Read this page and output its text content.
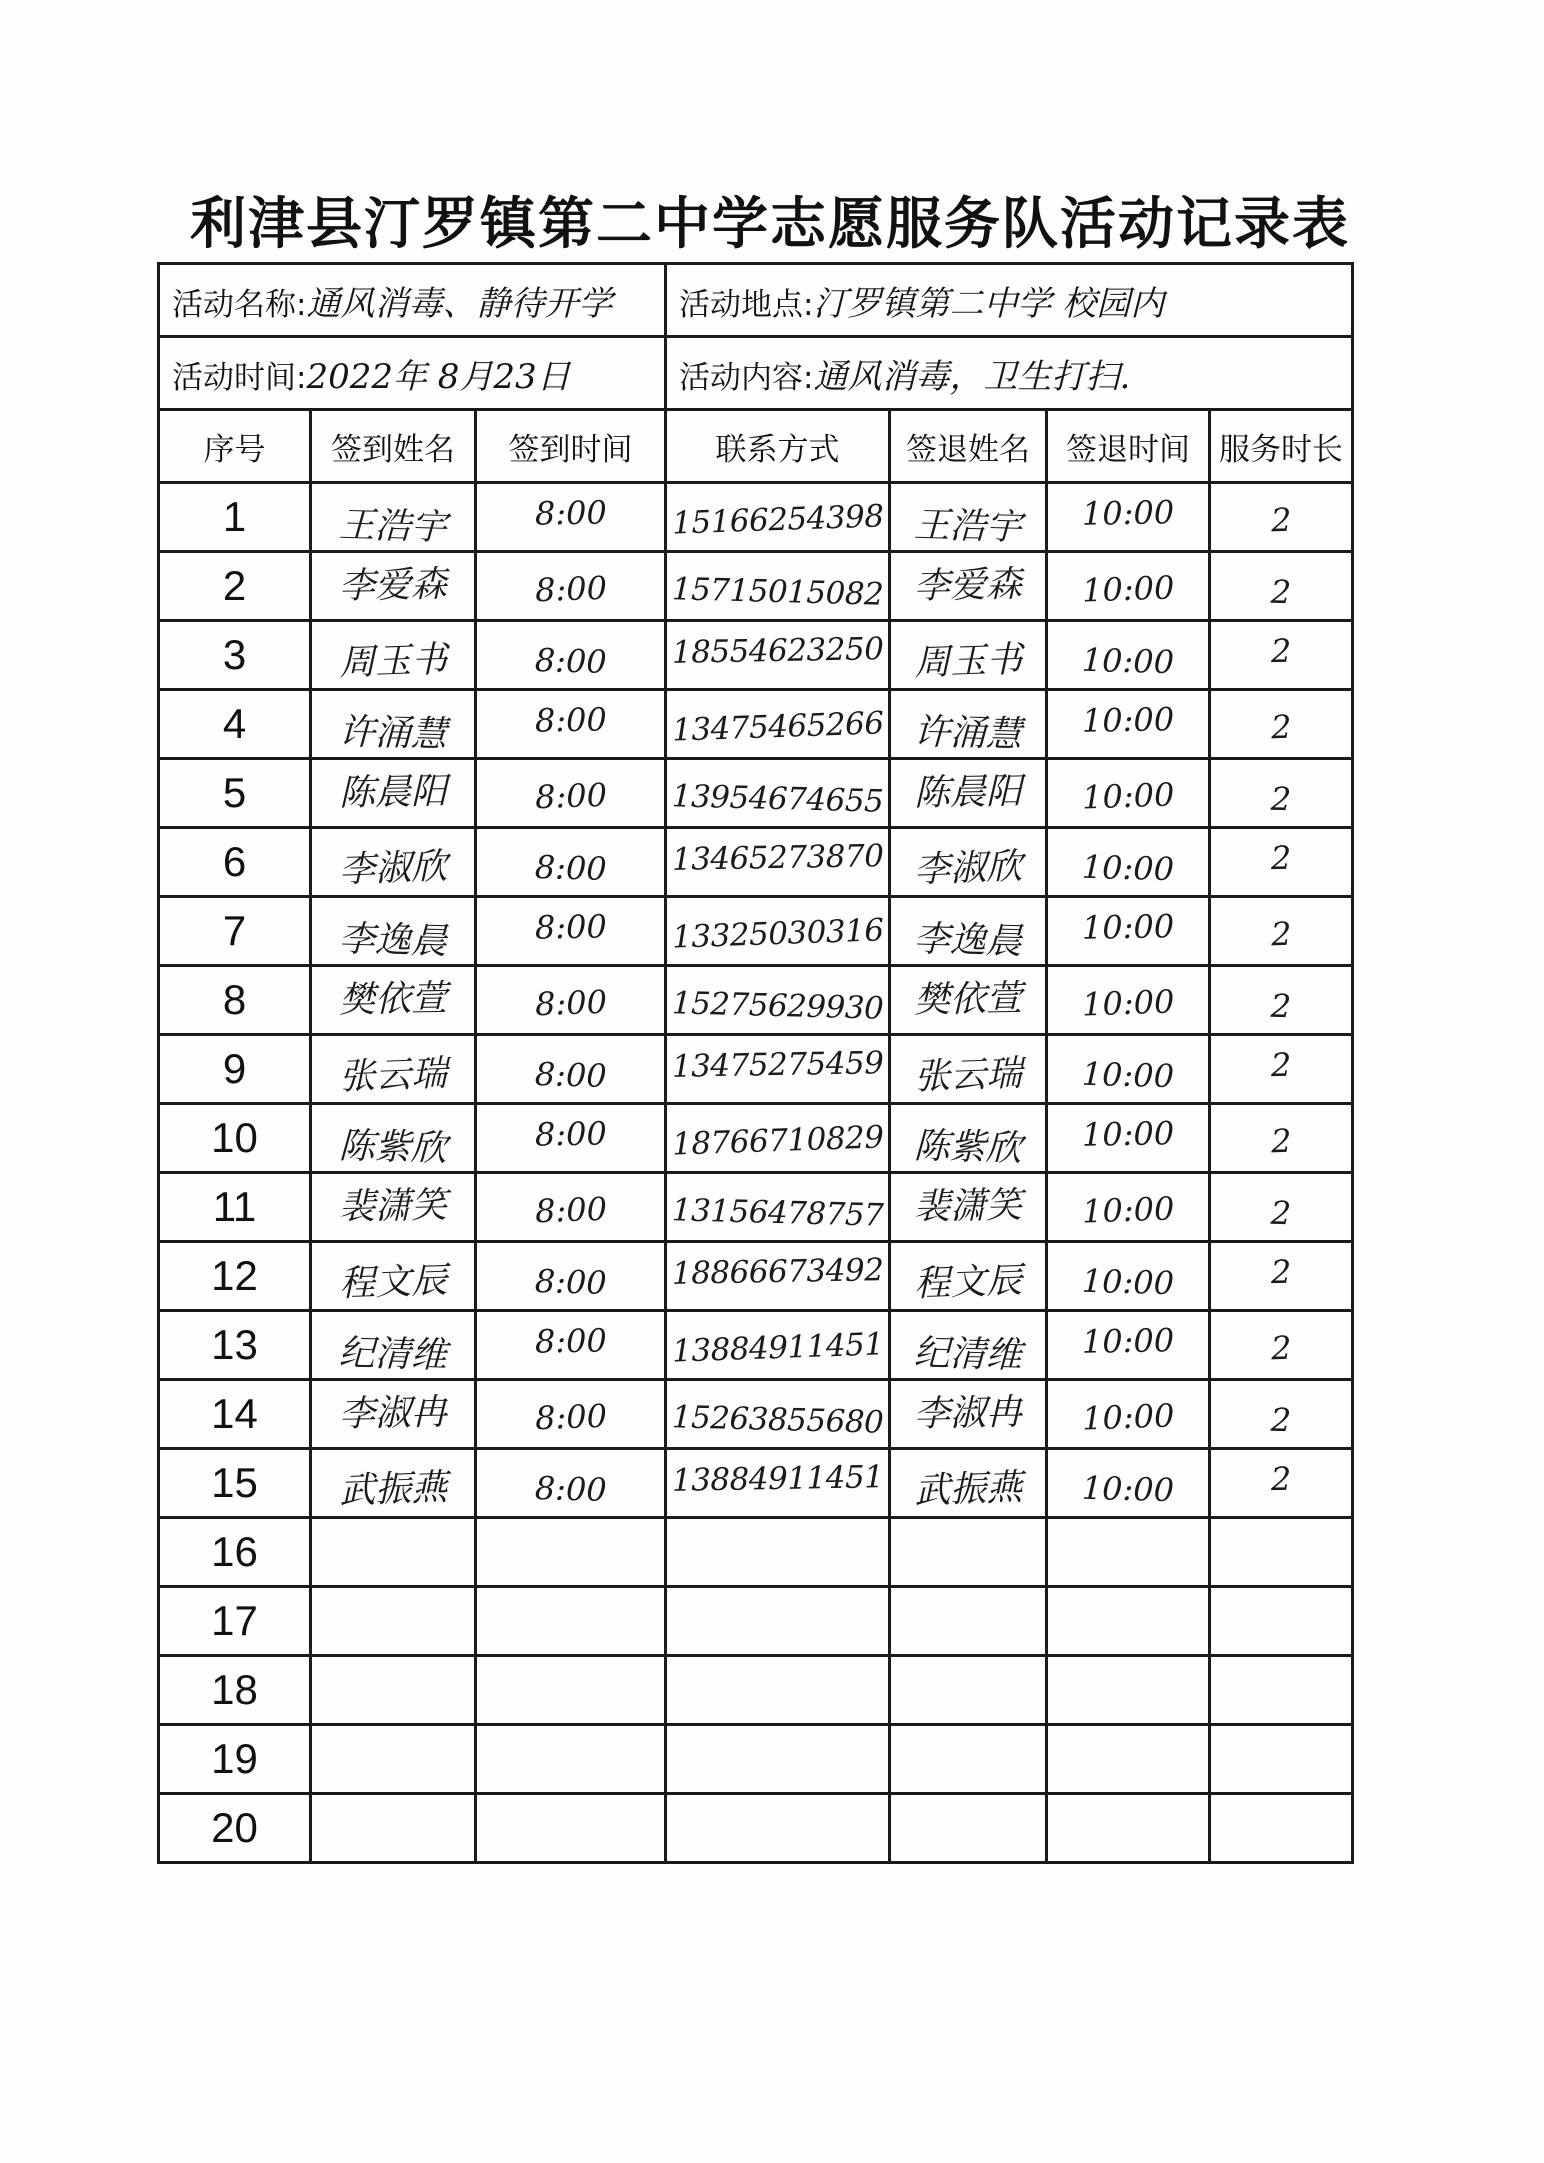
利津县汀罗镇第二中学志愿服务队活动记录表
活动名称:通风消毒、静待开学			活动地点:汀罗镇第二中学 校园内			
活动时间:2022年 8月23日			活动内容:通风消毒，卫生打扫.			
序号	签到姓名	签到时间	联系方式	签退姓名	签退时间	服务时长
1	王浩宇	8:00	15166254398	王浩宇	10:00	2
2	李爱森	8:00	15715015082	李爱森	10:00	2
3	周玉书	8:00	18554623250	周玉书	10:00	2
4	许涌慧	8:00	13475465266	许涌慧	10:00	2
5	陈晨阳	8:00	13954674655	陈晨阳	10:00	2
6	李淑欣	8:00	13465273870	李淑欣	10:00	2
7	李逸晨	8:00	13325030316	李逸晨	10:00	2
8	樊依萱	8:00	15275629930	樊依萱	10:00	2
9	张云瑞	8:00	13475275459	张云瑞	10:00	2
10	陈紫欣	8:00	18766710829	陈紫欣	10:00	2
11	裴潇笑	8:00	13156478757	裴潇笑	10:00	2
12	程文辰	8:00	18866673492	程文辰	10:00	2
13	纪清维	8:00	13884911451	纪清维	10:00	2
14	李淑冉	8:00	15263855680	李淑冉	10:00	2
15	武振燕	8:00	13884911451	武振燕	10:00	2
16						
17						
18						
19						
20						
